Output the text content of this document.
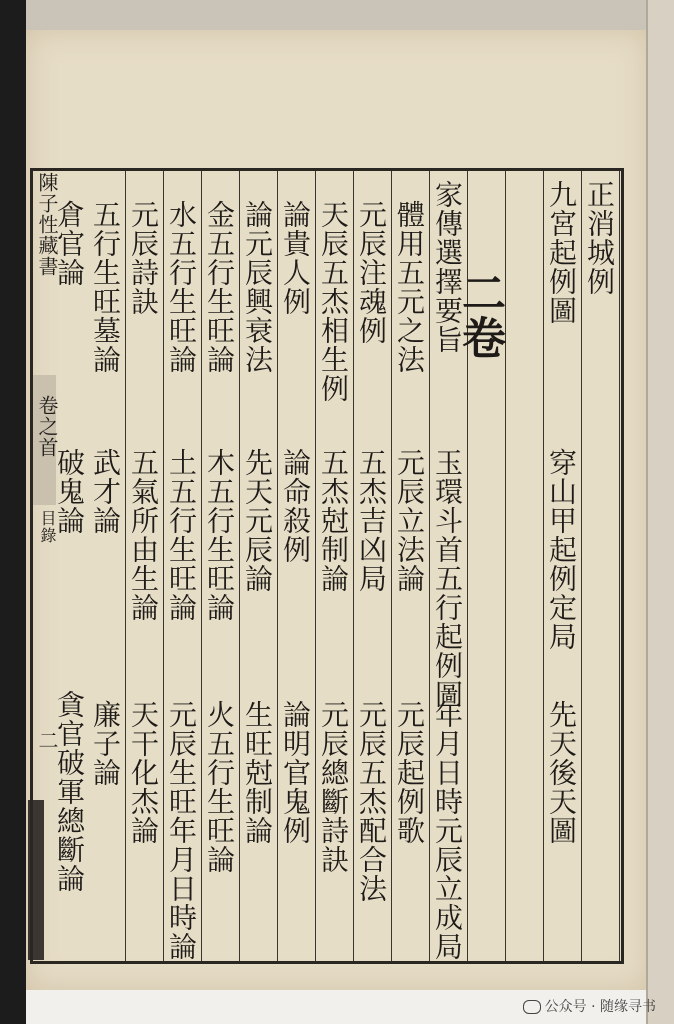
陳子性藏書
卷之首
目錄
二
二卷
正消城例
九宮起例圖
穿山甲起例定局
先天後天圖
家傳選擇要旨
玉環斗首五行起例圖
年月日時元辰立成局
體用五元之法
元辰立法論
元辰起例歌
元辰注魂例
五杰吉凶局
元辰五杰配合法
天辰五杰相生例
五杰尅制論
元辰總斷詩訣
論貴人例
論命殺例
論明官鬼例
論元辰興衰法
先天元辰論
生旺尅制論
金五行生旺論
木五行生旺論
火五行生旺論
水五行生旺論
土五行生旺論
元辰生旺年月日時論
元辰詩訣
五氣所由生論
天干化杰論
五行生旺墓論
武才論
廉子論
倉官論
破鬼論
貪官破軍總斷論
公众号 · 随缘寻书
